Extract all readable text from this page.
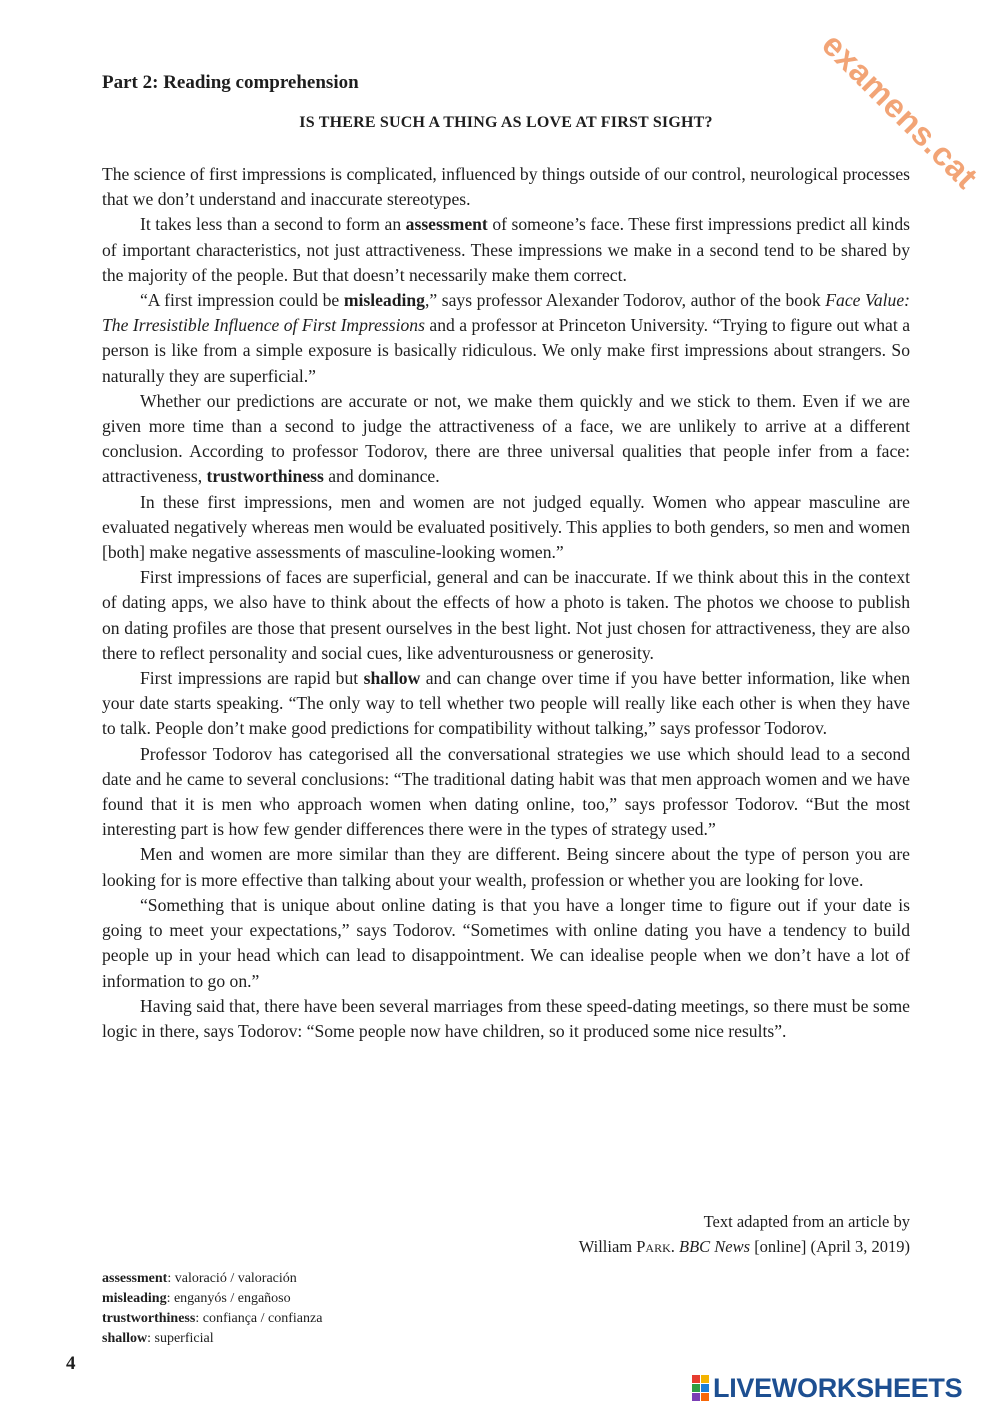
examens.cat
Part 2: Reading comprehension
IS THERE SUCH A THING AS LOVE AT FIRST SIGHT?

The science of first impressions is complicated, influenced by things outside of our control, neurological processes that we don’t understand and inaccurate stereotypes.

It takes less than a second to form an assessment of someone’s face. These first impressions predict all kinds of important characteristics, not just attractiveness. These impressions we make in a second tend to be shared by the majority of the people. But that doesn’t necessarily make them correct.

“A first impression could be misleading,” says professor Alexander Todorov, author of the book Face Value: The Irresistible Influence of First Impressions and a professor at Princeton University. “Trying to figure out what a person is like from a simple exposure is basically ridiculous. We only make first impressions about strangers. So naturally they are superficial.”

Whether our predictions are accurate or not, we make them quickly and we stick to them. Even if we are given more time than a second to judge the attractiveness of a face, we are unlikely to arrive at a different conclusion. According to professor Todorov, there are three universal qualities that people infer from a face: attractiveness, trustworthiness and dominance.

In these first impressions, men and women are not judged equally. Women who appear masculine are evaluated negatively whereas men would be evaluated positively. This applies to both genders, so men and women [both] make negative assessments of masculine-looking women.”

First impressions of faces are superficial, general and can be inaccurate. If we think about this in the context of dating apps, we also have to think about the effects of how a photo is taken. The photos we choose to publish on dating profiles are those that present ourselves in the best light. Not just chosen for attractiveness, they are also there to reflect personality and social cues, like adventurousness or generosity.

First impressions are rapid but shallow and can change over time if you have better information, like when your date starts speaking. “The only way to tell whether two people will really like each other is when they have to talk. People don’t make good predictions for compatibility without talking,” says professor Todorov.

Professor Todorov has categorised all the conversational strategies we use which should lead to a second date and he came to several conclusions: “The traditional dating habit was that men approach women and we have found that it is men who approach women when dating online, too,” says professor Todorov. “But the most interesting part is how few gender differences there were in the types of strategy used.”

Men and women are more similar than they are different. Being sincere about the type of person you are looking for is more effective than talking about your wealth, profession or whether you are looking for love.

“Something that is unique about online dating is that you have a longer time to figure out if your date is going to meet your expectations,” says Todorov. “Sometimes with online dating you have a tendency to build people up in your head which can lead to disappointment. We can idealise people when we don’t have a lot of information to go on.”

Having said that, there have been several marriages from these speed-dating meetings, so there must be some logic in there, says Todorov: “Some people now have children, so it produced some nice results”.

Text adapted from an article by
William Park. BBC News [online] (April 3, 2019)
assessment: valoració / valoración
misleading: enganyós / engañoso
trustworthiness: confiança / confianza
shallow: superficial
4
LIVEWORKSHEETS
